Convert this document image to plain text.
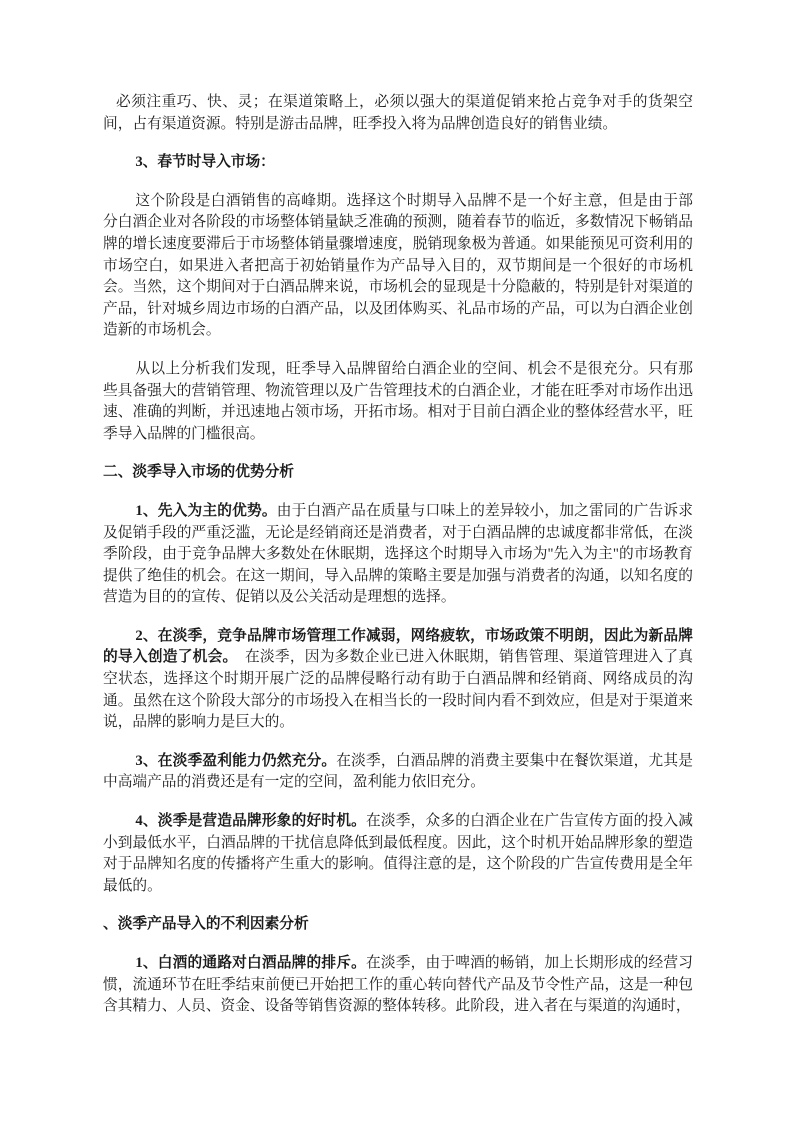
必须注重巧、快、灵；在渠道策略上，必须以强大的渠道促销来抢占竞争对手的货架空间，占有渠道资源。特别是游击品牌，旺季投入将为品牌创造良好的销售业绩。

3、春节时导入市场：

这个阶段是白酒销售的高峰期。选择这个时期导入品牌不是一个好主意，但是由于部分白酒企业对各阶段的市场整体销量缺乏准确的预测，随着春节的临近，多数情况下畅销品牌的增长速度要滞后于市场整体销量骤增速度，脱销现象极为普通。如果能预见可资利用的市场空白，如果进入者把高于初始销量作为产品导入目的，双节期间是一个很好的市场机会。当然，这个期间对于白酒品牌来说，市场机会的显现是十分隐蔽的，特别是针对渠道的产品，针对城乡周边市场的白酒产品，以及团体购买、礼品市场的产品，可以为白酒企业创造新的市场机会。

从以上分析我们发现，旺季导入品牌留给白酒企业的空间、机会不是很充分。只有那些具备强大的营销管理、物流管理以及广告管理技术的白酒企业，才能在旺季对市场作出迅速、准确的判断，并迅速地占领市场，开拓市场。相对于目前白酒企业的整体经营水平，旺季导入品牌的门槛很高。

二、淡季导入市场的优势分析

1、先入为主的优势。由于白酒产品在质量与口味上的差异较小，加之雷同的广告诉求及促销手段的严重泛滥，无论是经销商还是消费者，对于白酒品牌的忠诚度都非常低，在淡季阶段，由于竞争品牌大多数处在休眠期，选择这个时期导入市场为"先入为主"的市场教育提供了绝佳的机会。在这一期间，导入品牌的策略主要是加强与消费者的沟通，以知名度的营造为目的的宣传、促销以及公关活动是理想的选择。

2、在淡季，竞争品牌市场管理工作减弱，网络疲软，市场政策不明朗，因此为新品牌的导入创造了机会。　在淡季，因为多数企业已进入休眠期，销售管理、渠道管理进入了真空状态，选择这个时期开展广泛的品牌侵略行动有助于白酒品牌和经销商、网络成员的沟通。虽然在这个阶段大部分的市场投入在相当长的一段时间内看不到效应，但是对于渠道来说，品牌的影响力是巨大的。

3、在淡季盈利能力仍然充分。在淡季，白酒品牌的消费主要集中在餐饮渠道，尤其是中高端产品的消费还是有一定的空间，盈利能力依旧充分。

4、淡季是营造品牌形象的好时机。在淡季，众多的白酒企业在广告宣传方面的投入减小到最低水平，白酒品牌的干扰信息降低到最低程度。因此，这个时机开始品牌形象的塑造对于品牌知名度的传播将产生重大的影响。值得注意的是，这个阶段的广告宣传费用是全年最低的。

、淡季产品导入的不利因素分析

1、白酒的通路对白酒品牌的排斥。在淡季，由于啤酒的畅销，加上长期形成的经营习惯，流通环节在旺季结束前便已开始把工作的重心转向替代产品及节令性产品，这是一种包含其精力、人员、资金、设备等销售资源的整体转移。此阶段，进入者在与渠道的沟通时，
